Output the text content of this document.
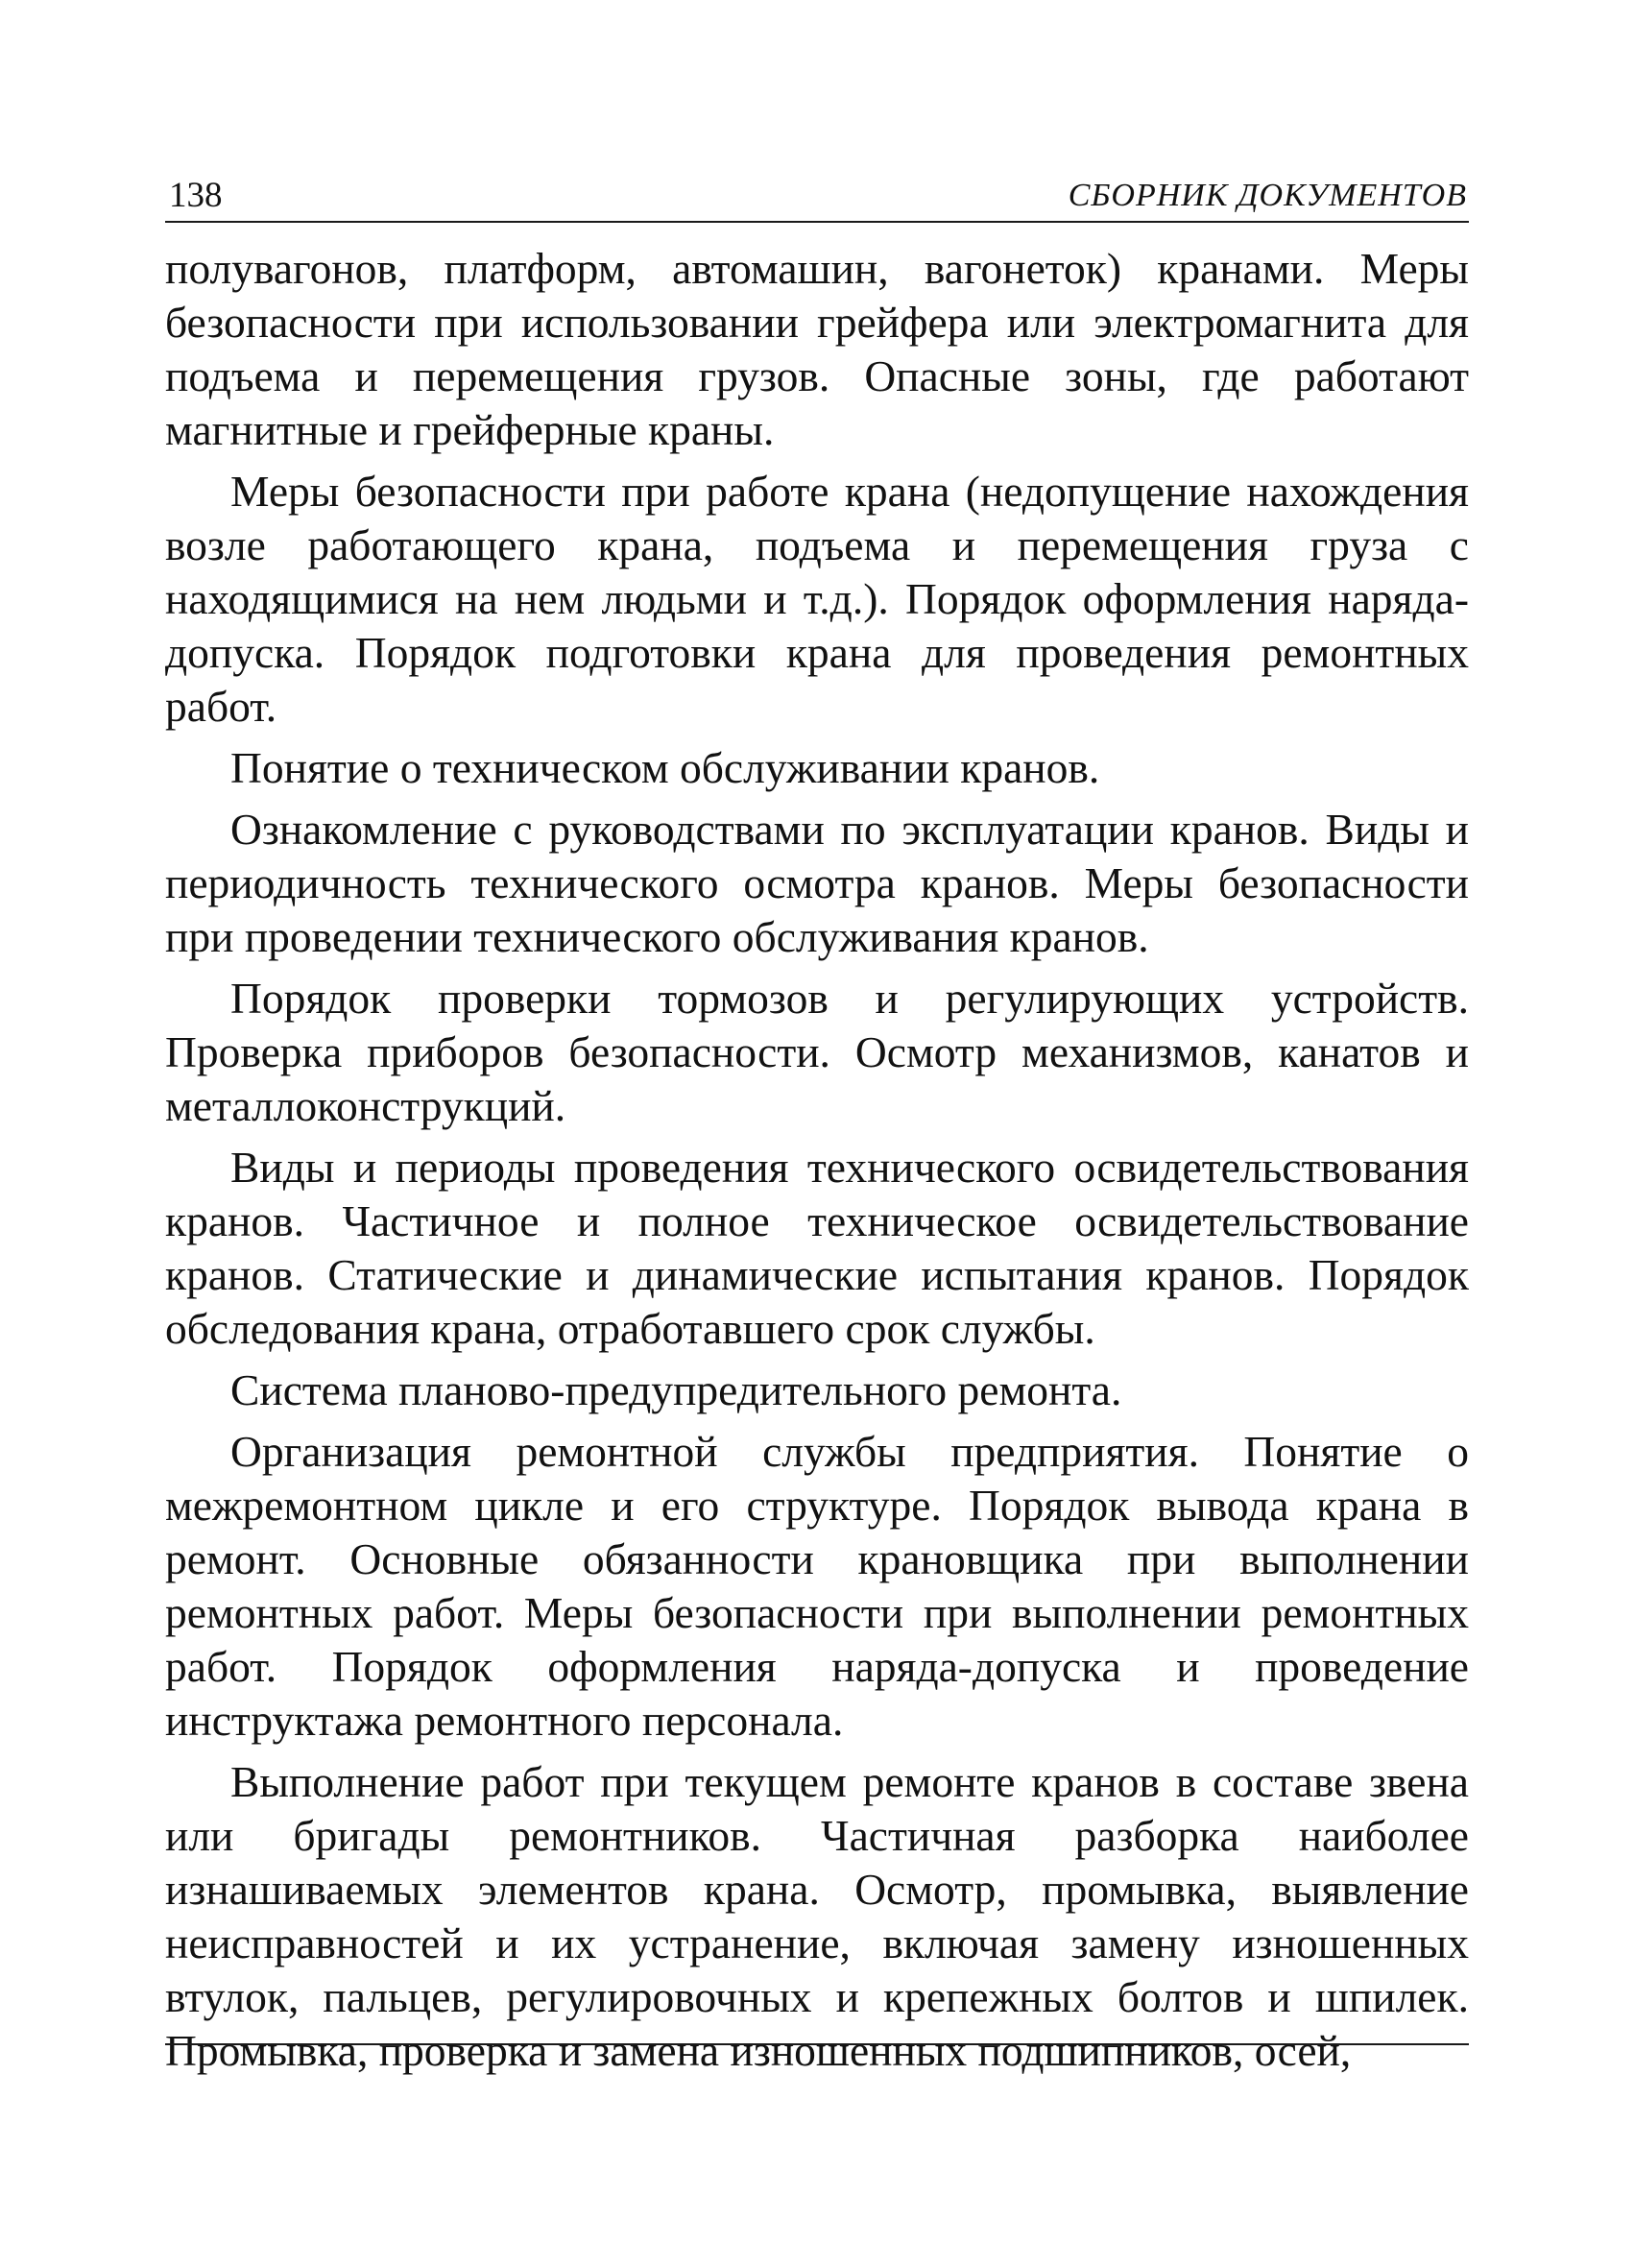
138	СБОРНИК ДОКУМЕНТОВ

полувагонов, платформ, автомашин, вагонеток) кранами. Меры безопасности при использовании грейфера или электромагнита для подъема и перемещения грузов. Опасные зоны, где работают магнитные и грейферные краны.

Меры безопасности при работе крана (недопущение нахождения возле работающего крана, подъема и перемещения груза с находящимися на нем людьми и т.д.). Порядок оформления наряда-допуска. Порядок подготовки крана для проведения ремонтных работ.

Понятие о техническом обслуживании кранов.

Ознакомление с руководствами по эксплуатации кранов. Виды и периодичность технического осмотра кранов. Меры безопасности при проведении технического обслуживания кранов.

Порядок проверки тормозов и регулирующих устройств. Проверка приборов безопасности. Осмотр механизмов, канатов и металлоконструкций.

Виды и периоды проведения технического освидетельствования кранов. Частичное и полное техническое освидетельствование кранов. Статические и динамические испытания кранов. Порядок обследования крана, отработавшего срок службы.

Система планово-предупредительного ремонта.

Организация ремонтной службы предприятия. Понятие о межремонтном цикле и его структуре. Порядок вывода крана в ремонт. Основные обязанности крановщика при выполнении ремонтных работ. Меры безопасности при выполнении ремонтных работ. Порядок оформления наряда-допуска и проведение инструктажа ремонтного персонала.

Выполнение работ при текущем ремонте кранов в составе звена или бригады ремонтников. Частичная разборка наиболее изнашиваемых элементов крана. Осмотр, промывка, выявление неисправностей и их устранение, включая замену изношенных втулок, пальцев, регулировочных и крепежных болтов и шпилек. Промывка, проверка и замена изношенных подшипников, осей,
